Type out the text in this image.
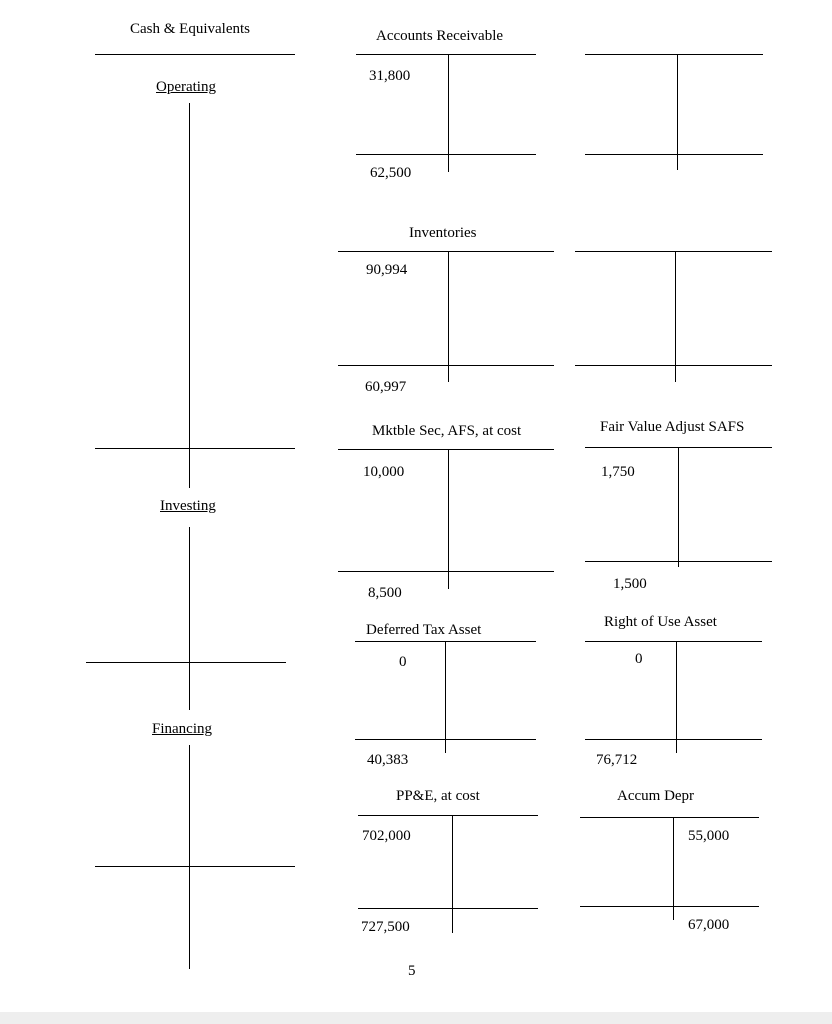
Cash & Equivalents
Operating
Investing
Financing
Accounts Receivable
31,800
62,500
Inventories
90,994
60,997
Mktble Sec, AFS, at cost
10,000
8,500
Fair Value Adjust SAFS
1,750
1,500
Deferred Tax Asset
0
40,383
Right of Use Asset
0
76,712
PP&E, at cost
702,000
727,500
Accum Depr
55,000
67,000
5
